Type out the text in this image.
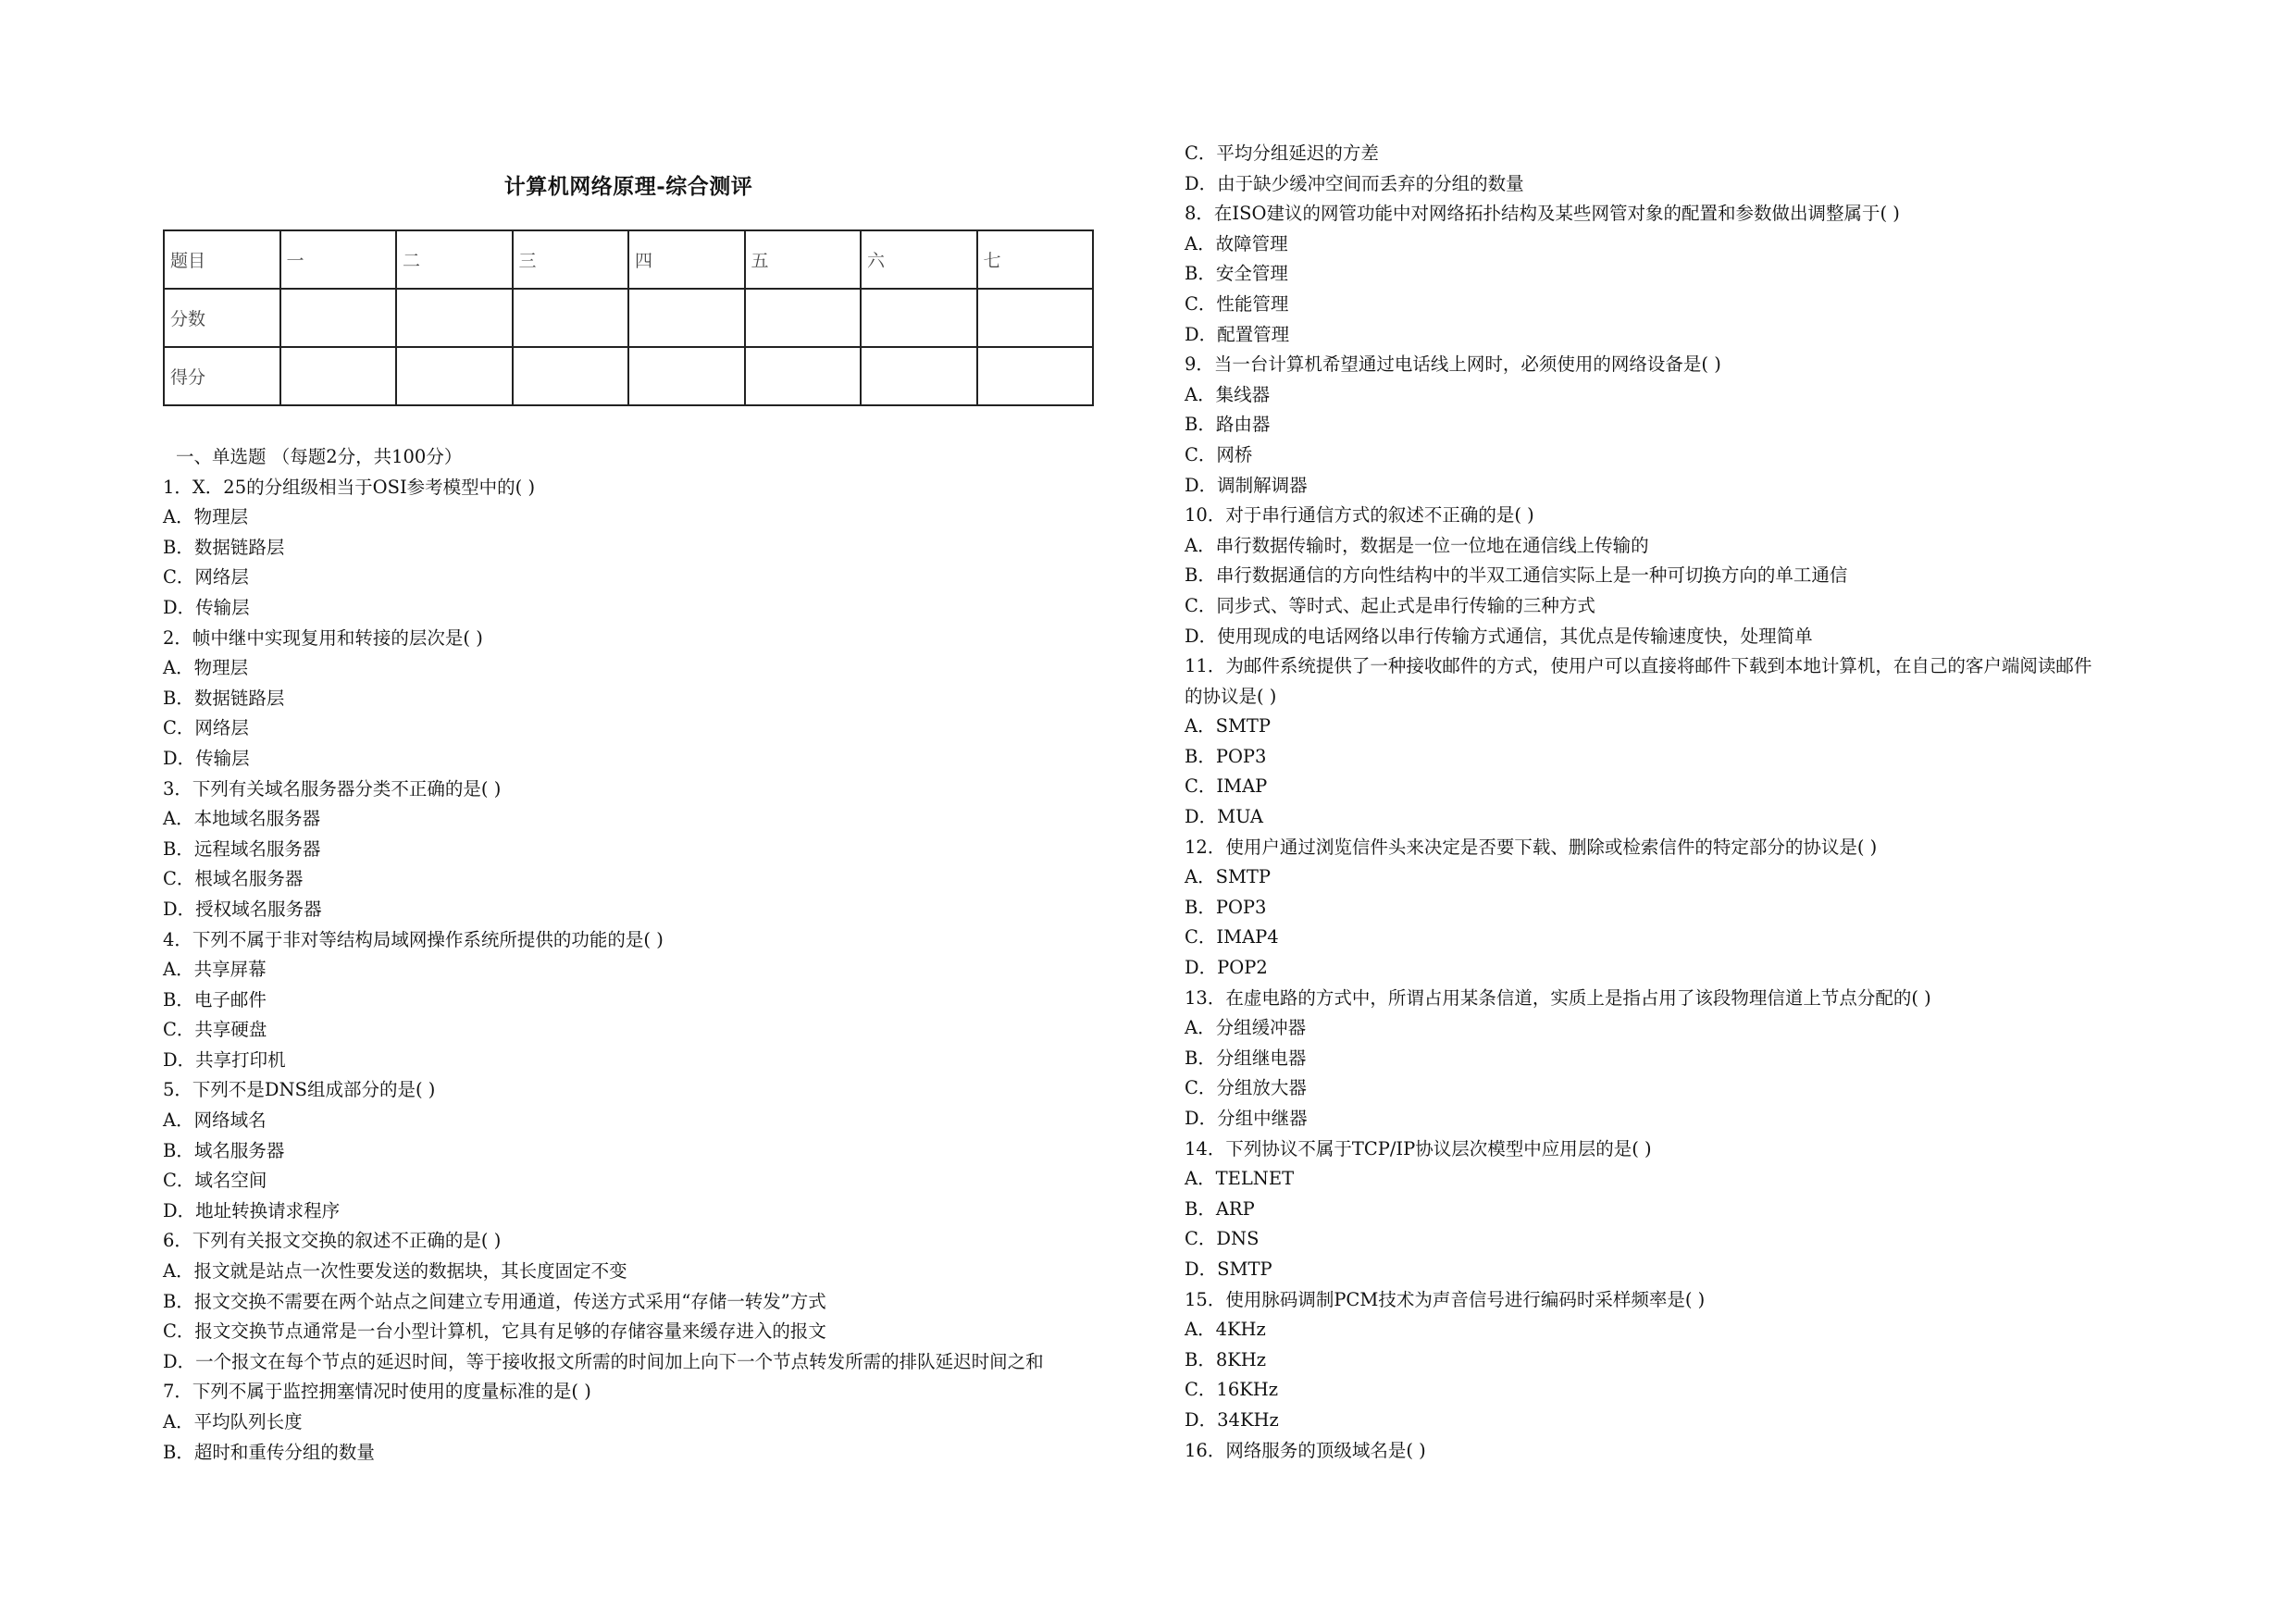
计算机网络原理-综合测评
题目	一	二	三	四	五	六	七
分数							
得分							
一、单选题 （每题2分，共100分）
1．X．25的分组级相当于OSI参考模型中的( )
A．物理层
B．数据链路层
C．网络层
D．传输层
2．帧中继中实现复用和转接的层次是( )
A．物理层
B．数据链路层
C．网络层
D．传输层
3．下列有关域名服务器分类不正确的是( )
A．本地域名服务器
B．远程域名服务器
C．根域名服务器
D．授权域名服务器
4．下列不属于非对等结构局域网操作系统所提供的功能的是( )
A．共享屏幕
B．电子邮件
C．共享硬盘
D．共享打印机
5．下列不是DNS组成部分的是( )
A．网络域名
B．域名服务器
C．域名空间
D．地址转换请求程序
6．下列有关报文交换的叙述不正确的是( )
A．报文就是站点一次性要发送的数据块，其长度固定不变
B．报文交换不需要在两个站点之间建立专用通道，传送方式采用“存储一转发”方式
C．报文交换节点通常是一台小型计算机，它具有足够的存储容量来缓存进入的报文
D．一个报文在每个节点的延迟时间，等于接收报文所需的时间加上向下一个节点转发所需的排队延迟时间之和
7．下列不属于监控拥塞情况时使用的度量标准的是( )
A．平均队列长度
B．超时和重传分组的数量
C．平均分组延迟的方差
D．由于缺少缓冲空间而丢弃的分组的数量
8．在ISO建议的网管功能中对网络拓扑结构及某些网管对象的配置和参数做出调整属于( )
A．故障管理
B．安全管理
C．性能管理
D．配置管理
9．当一台计算机希望通过电话线上网时，必须使用的网络设备是( )
A．集线器
B．路由器
C．网桥
D．调制解调器
10．对于串行通信方式的叙述不正确的是( )
A．串行数据传输时，数据是一位一位地在通信线上传输的
B．串行数据通信的方向性结构中的半双工通信实际上是一种可切换方向的单工通信
C．同步式、等时式、起止式是串行传输的三种方式
D．使用现成的电话网络以串行传输方式通信，其优点是传输速度快，处理简单
11．为邮件系统提供了一种接收邮件的方式，使用户可以直接将邮件下载到本地计算机，在自己的客户端阅读邮件
的协议是( )
A．SMTP
B．POP3
C．IMAP
D．MUA
12．使用户通过浏览信件头来决定是否要下载、删除或检索信件的特定部分的协议是( )
A．SMTP
B．POP3
C．IMAP4
D．POP2
13．在虚电路的方式中，所谓占用某条信道，实质上是指占用了该段物理信道上节点分配的( )
A．分组缓冲器
B．分组继电器
C．分组放大器
D．分组中继器
14．下列协议不属于TCP/IP协议层次模型中应用层的是( )
A．TELNET
B．ARP
C．DNS
D．SMTP
15．使用脉码调制PCM技术为声音信号进行编码时采样频率是( )
A．4KHz
B．8KHz
C．16KHz
D．34KHz
16．网络服务的顶级域名是( )
